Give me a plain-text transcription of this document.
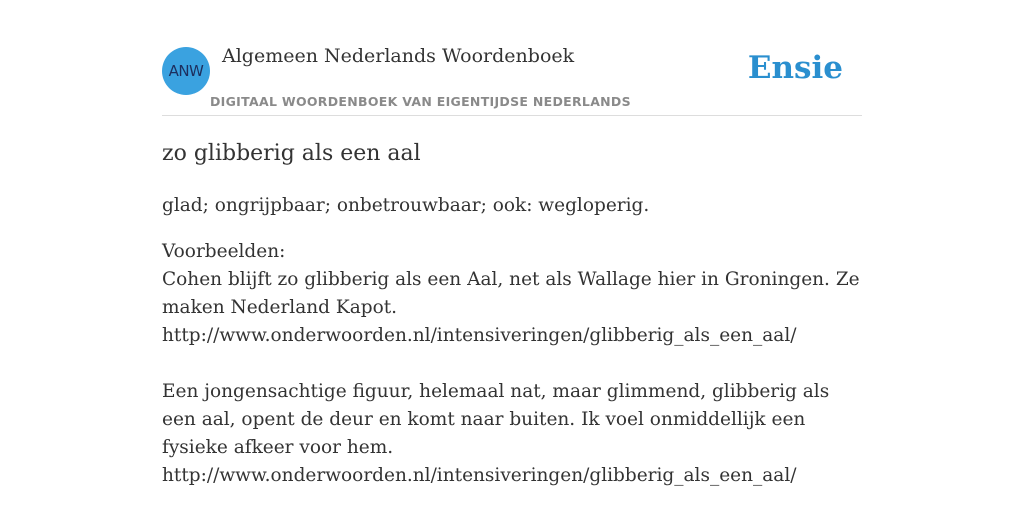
ANW
Algemeen Nederlands Woordenboek
DIGITAAL WOORDENBOEK VAN EIGENTIJDSE NEDERLANDS
Ensie
zo glibberig als een aal

glad; ongrijpbaar; onbetrouwbaar; ook: wegloperig.

Voorbeelden:

Cohen blijft zo glibberig als een Aal, net als Wallage hier in Groningen. Ze maken Nederland Kapot.
http://www.onderwoorden.nl/intensiveringen/glibberig_als_een_aal/

Een jongensachtige figuur, helemaal nat, maar glimmend, glibberig als een aal, opent de deur en komt naar buiten. Ik voel onmiddellijk een fysieke afkeer voor hem.
http://www.onderwoorden.nl/intensiveringen/glibberig_als_een_aal/
